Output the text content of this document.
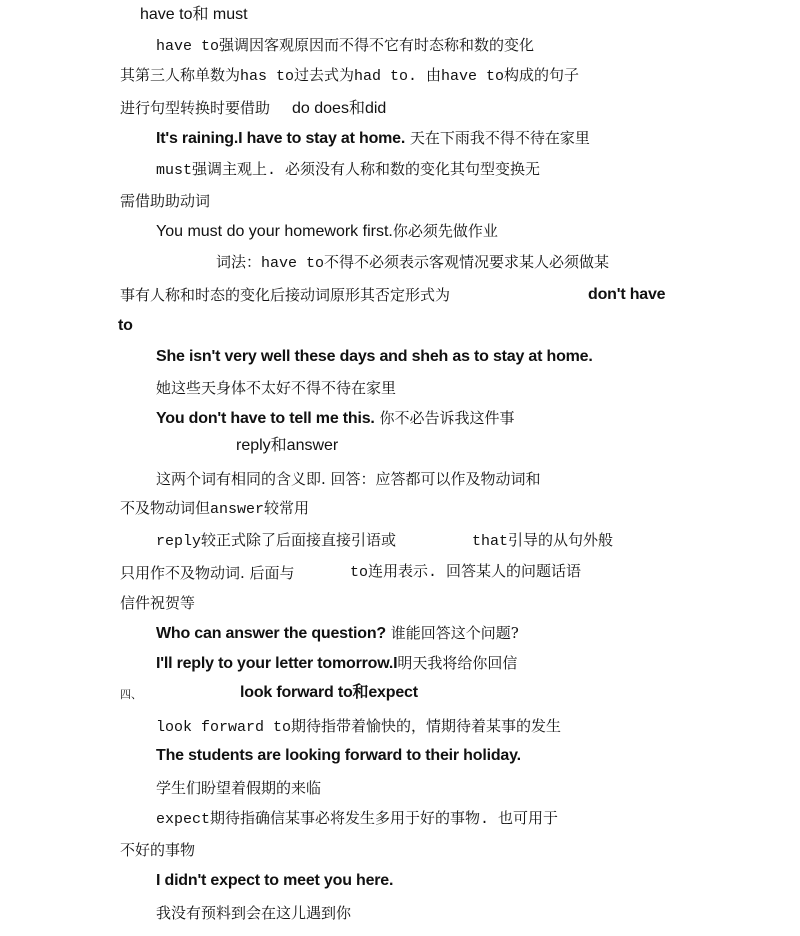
have to和 must
have to强调因客观原因而不得不它有时态称和数的变化
其第三人称单数为has to过去式为had to. 由have to构成的句子
进行句型转换时要借助 do does和did
It's raining.I have to stay at home. 天在下雨我不得不待在家里
must强调主观上. 必须没有人称和数的变化其句型变换无
需借助助动词
You must do your homework first.你必须先做作业
词法：have to不得不必须表示客观情况要求某人必须做某
事有人称和时态的变化后接动词原形其否定形式为	don't have
to
She isn't very well these days and sheh as to stay at home.
她这些天身体不太好不得不待在家里
You don't have to tell me this. 你不必告诉我这件事
reply和answer
这两个词有相同的含义即. 回答：应答都可以作及物动词和
不及物动词但answer较常用
reply较正式除了后面接直接引语或	that引导的从句外般
只用作不及物动词. 后面与	to连用表示. 回答某人的问题话语
信件祝贺等
Who can answer the question? 谁能回答这个问题?
I'll reply to your letter tomorrow.I明天我将给你回信
四、	look forward to和expect
look forward to期待指带着愉快的，情期待着某事的发生
The students are looking forward to their holiday.
学生们盼望着假期的来临
expect期待指确信某事必将发生多用于好的事物. 也可用于
不好的事物
I didn't expect to meet you here.
我没有预料到会在这儿遇到你
